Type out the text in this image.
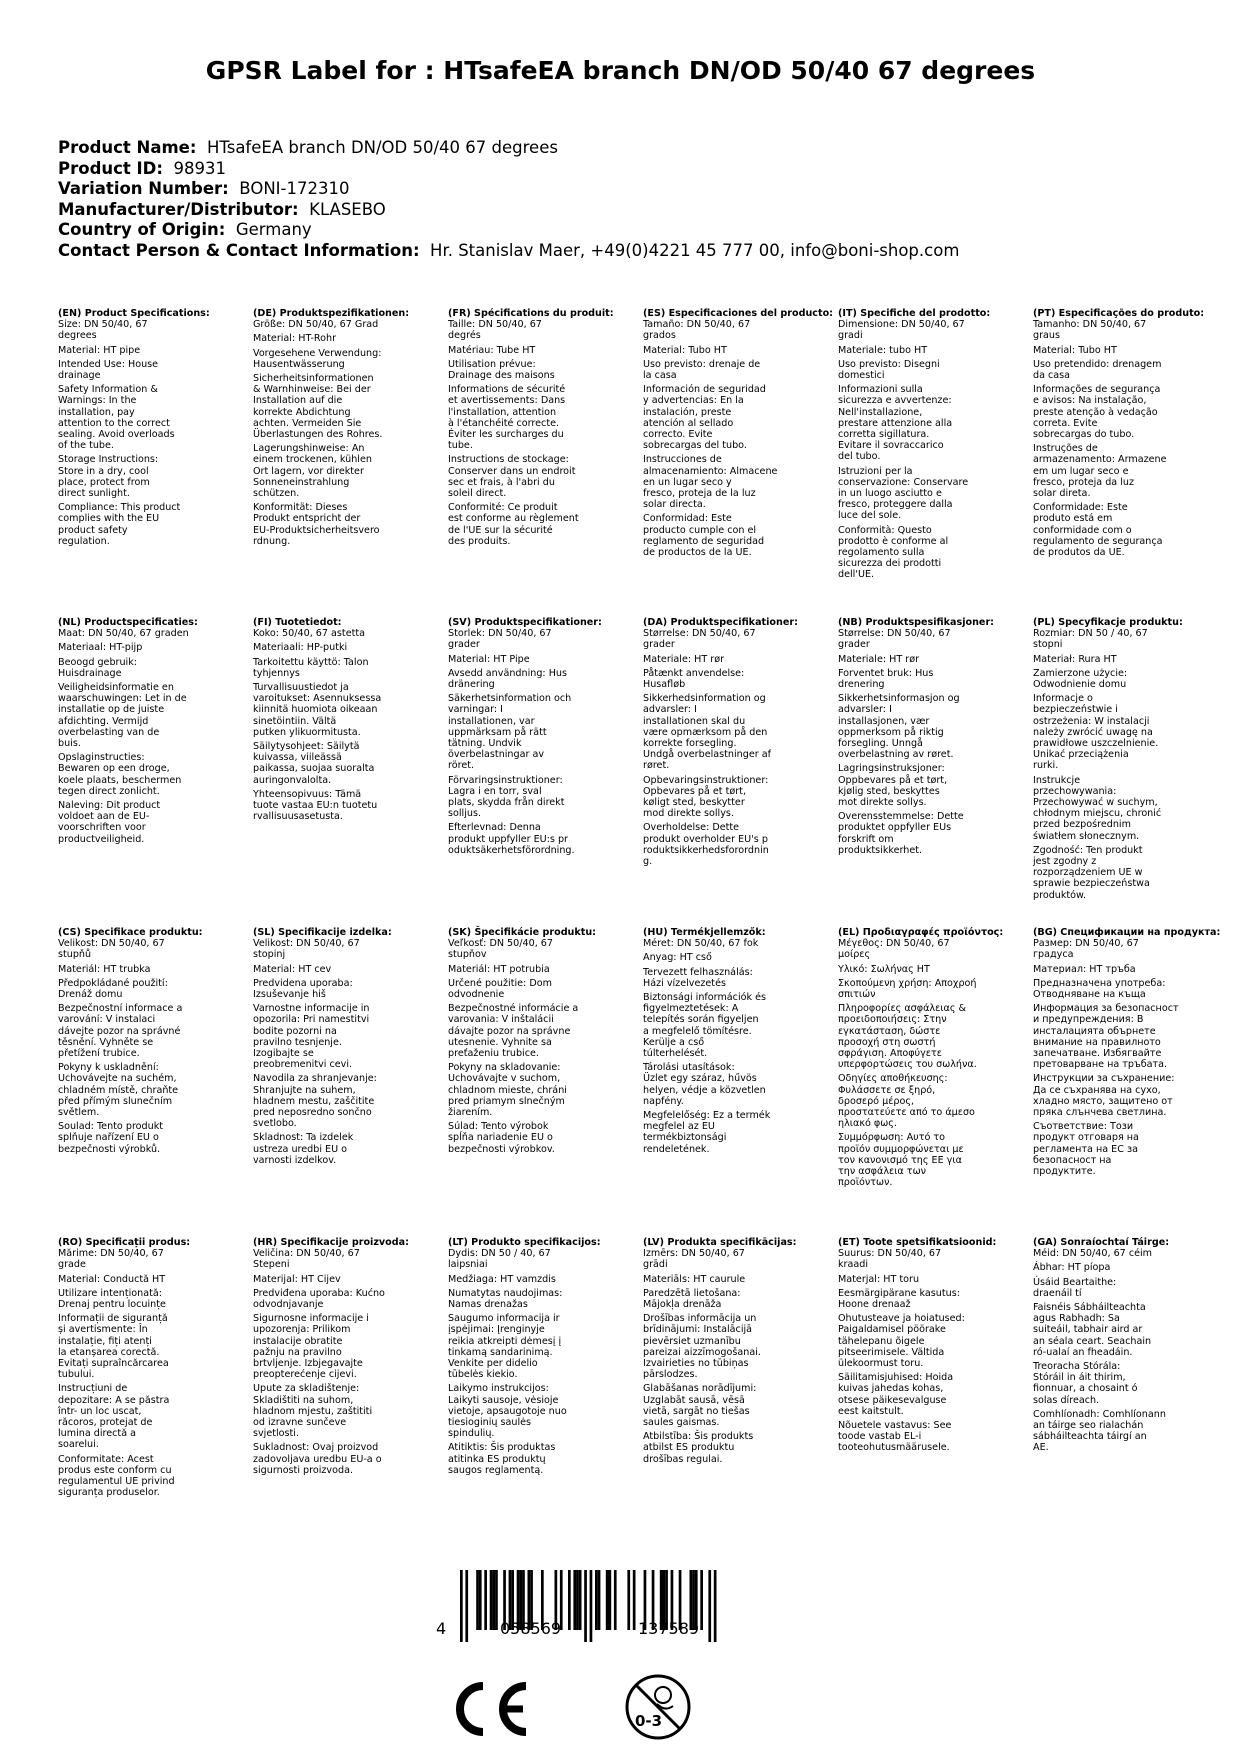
GPSR Label for : HTsafeEA branch DN/OD 50/40 67 degrees
Product Name: HTsafeEA branch DN/OD 50/40 67 degrees
Product ID: 98931
Variation Number: BONI-172310
Manufacturer/Distributor: KLASEBO
Country of Origin: Germany
Contact Person & Contact Information: Hr. Stanislav Maer, +49(0)4221 45 777 00, info@boni-shop.com
(EN) Product Specifications:

Size: DN 50/40, 67
degrees

Material: HT pipe

Intended Use: House
drainage

Safety Information &
Warnings: In the
installation, pay
attention to the correct
sealing. Avoid overloads
of the tube.

Storage Instructions:
Store in a dry, cool
place, protect from
direct sunlight.

Compliance: This product
complies with the EU
product safety
regulation.

(DE) Produktspezifikationen:

Größe: DN 50/40, 67 Grad

Material: HT-Rohr

Vorgesehene Verwendung:
Hausentwässerung

Sicherheitsinformationen
& Warnhinweise: Bei der
Installation auf die
korrekte Abdichtung
achten. Vermeiden Sie
Überlastungen des Rohres.

Lagerungshinweise: An
einem trockenen, kühlen
Ort lagern, vor direkter
Sonneneinstrahlung
schützen.

Konformität: Dieses
Produkt entspricht der
EU-Produktsicherheitsvero
rdnung.

(FR) Spécifications du produit:

Taille: DN 50/40, 67
degrés

Matériau: Tube HT

Utilisation prévue:
Drainage des maisons

Informations de sécurité
et avertissements: Dans
l'installation, attention
à l'étanchéité correcte.
Éviter les surcharges du
tube.

Instructions de stockage:
Conserver dans un endroit
sec et frais, à l'abri du
soleil direct.

Conformité: Ce produit
est conforme au règlement
de l'UE sur la sécurité
des produits.

(ES) Especificaciones del producto:

Tamaño: DN 50/40, 67
grados

Material: Tubo HT

Uso previsto: drenaje de
la casa

Información de seguridad
y advertencias: En la
instalación, preste
atención al sellado
correcto. Evite
sobrecargas del tubo.

Instrucciones de
almacenamiento: Almacene
en un lugar seco y
fresco, proteja de la luz
solar directa.

Conformidad: Este
producto cumple con el
reglamento de seguridad
de productos de la UE.

(IT) Specifiche del prodotto:

Dimensione: DN 50/40, 67
gradi

Materiale: tubo HT

Uso previsto: Disegni
domestici

Informazioni sulla
sicurezza e avvertenze:
Nell'installazione,
prestare attenzione alla
corretta sigillatura.
Evitare il sovraccarico
del tubo.

Istruzioni per la
conservazione: Conservare
in un luogo asciutto e
fresco, proteggere dalla
luce del sole.

Conformità: Questo
prodotto è conforme al
regolamento sulla
sicurezza dei prodotti
dell'UE.

(PT) Especificações do produto:

Tamanho: DN 50/40, 67
graus

Material: Tubo HT

Uso pretendido: drenagem
da casa

Informações de segurança
e avisos: Na instalação,
preste atenção à vedação
correta. Evite
sobrecargas do tubo.

Instruções de
armazenamento: Armazene
em um lugar seco e
fresco, proteja da luz
solar direta.

Conformidade: Este
produto está em
conformidade com o
regulamento de segurança
de produtos da UE.

(NL) Productspecificaties:

Maat: DN 50/40, 67 graden

Materiaal: HT-pijp

Beoogd gebruik:
Huisdrainage

Veiligheidsinformatie en
waarschuwingen: Let in de
installatie op de juiste
afdichting. Vermijd
overbelasting van de
buis.

Opslaginstructies:
Bewaren op een droge,
koele plaats, beschermen
tegen direct zonlicht.

Naleving: Dit product
voldoet aan de EU-
voorschriften voor
productveiligheid.

(FI) Tuotetiedot:

Koko: 50/40, 67 astetta

Materiaali: HP-putki

Tarkoitettu käyttö: Talon
tyhjennys

Turvallisuustiedot ja
varoitukset: Asennuksessa
kiinnitä huomiota oikeaan
sinetöintiin. Vältä
putken ylikuormitusta.

Säilytysohjeet: Säilytä
kuivassa, viileässä
paikassa, suojaa suoralta
auringonvalolta.

Yhteensopivuus: Tämä
tuote vastaa EU:n tuotetu
rvallisuusasetusta.

(SV) Produktspecifikationer:

Storlek: DN 50/40, 67
grader

Material: HT Pipe

Avsedd användning: Hus
dränering

Säkerhetsinformation och
varningar: I
installationen, var
uppmärksam på rätt
tätning. Undvik
överbelastningar av
röret.

Förvaringsinstruktioner:
Lagra i en torr, sval
plats, skydda från direkt
solljus.

Efterlevnad: Denna
produkt uppfyller EU:s pr
oduktsäkerhetsförordning.

(DA) Produktspecifikationer:

Størrelse: DN 50/40, 67
grader

Materiale: HT rør

Påtænkt anvendelse:
Husafløb

Sikkerhedsinformation og
advarsler: I
installationen skal du
være opmærksom på den
korrekte forsegling.
Undgå overbelastninger af
røret.

Opbevaringsinstruktioner:
Opbevares på et tørt,
køligt sted, beskytter
mod direkte sollys.

Overholdelse: Dette
produkt overholder EU's p
roduktsikkerhedsforordnin
g.

(NB) Produktspesifikasjoner:

Størrelse: DN 50/40, 67
grader

Materiale: HT rør

Forventet bruk: Hus
drenering

Sikkerhetsinformasjon og
advarsler: I
installasjonen, vær
oppmerksom på riktig
forsegling. Unngå
overbelastning av røret.

Lagringsinstruksjoner:
Oppbevares på et tørt,
kjølig sted, beskyttes
mot direkte sollys.

Overensstemmelse: Dette
produktet oppfyller EUs
forskrift om
produktsikkerhet.

(PL) Specyfikacje produktu:

Rozmiar: DN 50 / 40, 67
stopni

Materiał: Rura HT

Zamierzone użycie:
Odwodnienie domu

Informacje o
bezpieczeństwie i
ostrzeżenia: W instalacji
należy zwrócić uwagę na
prawidłowe uszczelnienie.
Unikać przeciążenia
rurki.

Instrukcje
przechowywania:
Przechowywać w suchym,
chłodnym miejscu, chronić
przed bezpośrednim
światłem słonecznym.

Zgodność: Ten produkt
jest zgodny z
rozporządzeniem UE w
sprawie bezpieczeństwa
produktów.

(CS) Specifikace produktu:

Velikost: DN 50/40, 67
stupňů

Materiál: HT trubka

Předpokládané použití:
Drenáž domu

Bezpečnostní informace a
varování: V instalaci
dávejte pozor na správné
těsnění. Vyhněte se
přetížení trubice.

Pokyny k uskladnění:
Uchovávejte na suchém,
chladném místě, chraňte
před přímým slunečním
světlem.

Soulad: Tento produkt
splňuje nařízení EU o
bezpečnosti výrobků.

(SL) Specifikacije izdelka:

Velikost: DN 50/40, 67
stopinj

Material: HT cev

Predvidena uporaba:
Izsuševanje hiš

Varnostne informacije in
opozorila: Pri namestitvi
bodite pozorni na
pravilno tesnjenje.
Izogibajte se
preobremenitvi cevi.

Navodila za shranjevanje:
Shranjujte na suhem,
hladnem mestu, zaščitite
pred neposredno sončno
svetlobo.

Skladnost: Ta izdelek
ustreza uredbi EU o
varnosti izdelkov.

(SK) Špecifikácie produktu:

Veľkosť: DN 50/40, 67
stupňov

Materiál: HT potrubia

Určené použitie: Dom
odvodnenie

Bezpečnostné informácie a
varovania: V inštalácii
dávajte pozor na správne
utesnenie. Vyhnite sa
preťaženiu trubice.

Pokyny na skladovanie:
Uchovávajte v suchom,
chladnom mieste, chráni
pred priamym slnečným
žiarením.

Súlad: Tento výrobok
spĺňa nariadenie EU o
bezpečnosti výrobkov.

(HU) Termékjellemzők:

Méret: DN 50/40, 67 fok

Anyag: HT cső

Tervezett felhasználás:
Házi vízelvezetés

Biztonsági információk és
figyelmeztetések: A
telepítés során figyeljen
a megfelelő tömítésre.
Kerülje a cső
túlterhelését.

Tárolási utasítások:
Üzlet egy száraz, hűvös
helyen, védje a közvetlen
napfény.

Megfelelőség: Ez a termék
megfelel az EU
termékbiztonsági
rendeletének.

(EL) Προδιαγραφές προϊόντος:

Μέγεθος: DN 50/40, 67
μοίρες

Υλικό: Σωλήνας HT

Σκοπούμενη χρήση: Αποχροή
σπιτιών

Πληροφορίες ασφάλειας &
προειδοποιήσεις: Στην
εγκατάσταση, δώστε
προσοχή στη σωστή
σφράγιση. Αποφύγετε
υπερφορτώσεις του σωλήνα.

Οδηγίες αποθήκευσης:
Φυλάσσετε σε ξηρό,
δροσερό μέρος,
προστατεύετε από το άμεσο
ηλιακό φως.

Συμμόρφωση: Αυτό το
προϊόν συμμορφώνεται με
τον κανονισμό της ΕΕ για
την ασφάλεια των
προϊόντων.

(BG) Спецификации на продукта:

Размер: DN 50/40, 67
градуса

Материал: HT тръба

Предназначена употреба:
Отводняване на къща

Информация за безопасност
и предупреждения: В
инсталацията обърнете
внимание на правилното
запечатване. Избягвайте
претоварване на тръбата.

Инструкции за съхранение:
Да се съхранява на сухо,
хладно място, защитено от
пряка слънчева светлина.

Съответствие: Този
продукт отговаря на
регламента на ЕС за
безопасност на
продуктите.

(RO) Specificații produs:

Mărime: DN 50/40, 67
grade

Material: Conductă HT

Utilizare intenționată:
Drenaj pentru locuințe

Informații de siguranță
și avertismente: În
instalație, fiți atenți
la etanșarea corectă.
Evitați supraîncărcarea
tubului.

Instrucțiuni de
depozitare: A se păstra
într- un loc uscat,
răcoros, protejat de
lumina directă a
soarelui.

Conformitate: Acest
produs este conform cu
regulamentul UE privind
siguranța produselor.

(HR) Specifikacije proizvoda:

Veličina: DN 50/40, 67
Stepeni

Materijal: HT Cijev

Predviđena uporaba: Kućno
odvodnjavanje

Sigurnosne informacije i
upozorenja: Prilikom
instalacije obratite
pažnju na pravilno
brtvljenje. Izbjegavajte
preopterećenje cijevi.

Upute za skladištenje:
Skladištiti na suhom,
hladnom mjestu, zaštititi
od izravne sunčeve
svjetlosti.

Sukladnost: Ovaj proizvod
zadovoljava uredbu EU-a o
sigurnosti proizvoda.

(LT) Produkto specifikacijos:

Dydis: DN 50 / 40, 67
laipsniai

Medžiaga: HT vamzdis

Numatytas naudojimas:
Namas drenažas

Saugumo informacija ir
įspėjimai: Įrenginyje
reikia atkreipti dėmesį į
tinkamą sandarinimą.
Venkite per didelio
tūbelės kiekio.

Laikymo instrukcijos:
Laikyti sausoje, vėsioje
vietoje, apsaugotoje nuo
tiesioginių saulės
spindulių.

Atitiktis: Šis produktas
atitinka ES produktų
saugos reglamentą.

(LV) Produkta specifikācijas:

Izmērs: DN 50/40, 67
grādi

Materiāls: HT caurule

Paredzētā lietošana:
Mājokļa drenāža

Drošības informācija un
brīdinājumi: Instalācijā
pievērsiet uzmanību
pareizai aizzīmogošanai.
Izvairieties no tūbiņas
pārslodzes.

Glabāšanas norādījumi:
Uzglabāt sausā, vēsā
vietā, sargāt no tiešas
saules gaismas.

Atbilstība: Šis produkts
atbilst ES produktu
drošības regulai.

(ET) Toote spetsifikatsioonid:

Suurus: DN 50/40, 67
kraadi

Materjal: HT toru

Eesmärgipärane kasutus:
Hoone drenaaž

Ohutusteave ja hoiatused:
Paigaldamisel pöörake
tähelepanu õigele
pitseerimisele. Vältida
ülekoormust toru.

Säilitamisjuhised: Hoida
kuivas jahedas kohas,
otsese päikesevalguse
eest kaitstult.

Nõuetele vastavus: See
toode vastab EL-i
tooteohutusmäärusele.

(GA) Sonraíochtaí Táirge:

Méid: DN 50/40, 67 céim

Ábhar: HT píopa

Úsáid Beartaithe:
draenáil tí

Faisnéis Sábháilteachta
agus Rabhadh: Sa
suiteáil, tabhair aird ar
an séala ceart. Seachain
ró-ualaí an fheadáin.

Treoracha Stórála:
Stóráil in áit thirim,
fionnuar, a chosaint ó
solas díreach.

Comhlíonadh: Comhlíonann
an táirge seo rialachán
sábháilteachta táirgí an
AE.

4	058569	137589
0-3
